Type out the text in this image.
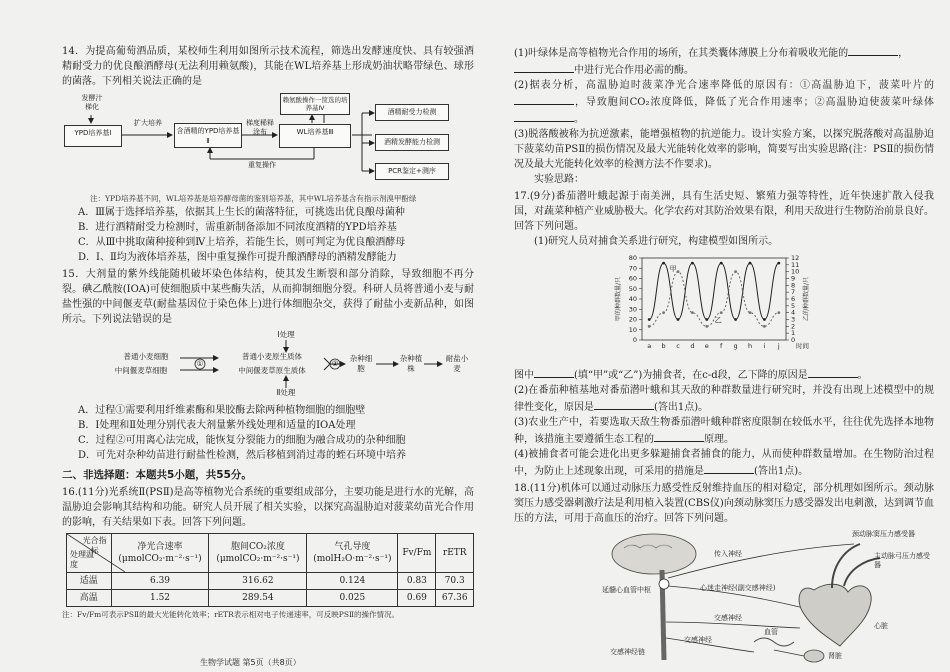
14．为提高葡萄酒品质，某校师生利用如图所示技术流程，筛选出发酵速度快、具有较强酒精耐受力的优良酿酒酵母(无法利用赖氨酸)，其能在WL培养基上形成奶油状略带绿色、球形的菌落。下列相关说法正确的是

发酵汁
梯化
YPD培养基Ⅰ
扩大培养
含酒精的YPD培养基Ⅱ
梯度稀释涂布	WL培养基Ⅲ
赖氨酸操作一筐选的培养基Ⅳ	酒精耐受力检测
酒精发酵能力检测
PCR鉴定+测序
重复操作

注：YPD培养基不同，WL培养基是培养酵母菌的鉴别培养基，其中WL培养基含有指示剂溴甲酚绿

A．Ⅲ属于选择培养基，依据其上生长的菌落特征，可挑选出优良酿母菌种

B．进行酒精耐受力检测时，需重新制备添加不同浓度酒精的YPD培养基

C．从Ⅲ中挑取菌种接种到Ⅳ上培养，若能生长，则可判定为优良酿酒酵母

D．Ⅰ、Ⅱ均为液体培养基，图中重复操作可提升酿酒酵母的酒精发酵能力

15．大剂量的紫外线能随机破坏染色体结构，使其发生断裂和部分消除，导致细胞不再分裂。碘乙酰胺(IOA)可使细胞质中某些酶失活，从而抑制细胞分裂。科研人员将普通小麦与耐盐性强的中间偃麦草(耐盐基因位于染色体上)进行体细胞杂交，获得了耐盐小麦新品种，如图所示。下列说法错误的是

Ⅰ处理
Ⅱ处理
普通小麦细胞
中间偃麦草细胞
①
普通小麦原生质体
中间偃麦草原生质体
②
杂种细胞
杂种植株
耐盐小麦

A．过程①需要利用纤维素酶和果胶酶去除两种植物细胞的细胞壁

B．Ⅰ处理和Ⅱ处理分别代表大剂量紫外线处理和适量的IOA处理

C．过程②可用离心法完成，能恢复分裂能力的细胞为融合成功的杂种细胞

D．可先对杂种幼苗进行耐盐性检测，然后移植到消过毒的蛭石环境中培养

二、非选择题：本题共5小题，共55分。

16.(11分)光系统Ⅱ(PSⅡ)是高等植物光合系统的重要组成部分，主要功能是进行水的光解，高温胁迫会影响其结构和功能。研究人员开展了相关实验，以探究高温胁迫对菠菜幼苗光合作用的影响，有关结果如下表。回答下列问题。

光合指标
处理温度	净光合速率(μmolCO₂·m⁻²·s⁻¹)	胞间CO₂浓度(μmolCO₂·m⁻²·s⁻¹)	气孔导度(molH₂O·m⁻²·s⁻¹)	Fv/Fm	rETR
适温	6.39	316.62	0.124	0.83	70.3
高温	1.52	289.54	0.025	0.69	67.36

注：Fv/Fm可表示PSⅡ的最大光能转化效率；rETR表示相对电子传递速率，可反映PSⅡ的操作情况。

生物学试题 第5页（共8页）

(1)叶绿体是高等植物光合作用的场所，在其类囊体薄膜上分布着吸收光能的	，
中进行光合作用必需的酶。

(2)据表分析，高温胁迫时菠菜净光合速率降低的原因有：①高温胁迫下，菠菜叶片的，导致胞间CO₂浓度降低，降低了光合作用速率；②高温胁迫使菠菜叶绿体。

(3)脱落酸被称为抗逆激素，能增强植物的抗逆能力。设计实验方案，以探究脱落酸对高温胁迫下菠菜幼苗PSⅡ的损伤情况及最大光能转化效率的影响，简要写出实验思路(注：PSⅡ的损伤情况及最大光能转化效率的检测方法不作要求)。

实验思路：

17.(9分)番茄潜叶蛾起源于南美洲，具有生活史短、繁殖力强等特性，近年快速扩散入侵我国，对蔬菜种植产业威胁极大。化学农药对其防治效果有限，利用天敌进行生物防治前景良好。回答下列问题。

(1)研究人员对捕食关系进行研究，构建模型如图所示。

0
10
20
30
40
50
60
70
80
0
1
2
3
4
5
6
7
8
9
10
11
12
a b c d e f g h i j	时间
甲的种群数量/只	乙的种群数量/只
甲
乙

图中	(填“甲”或“乙”)为捕食者，在c-d段，乙下降的原因是	。

(2)在番茄种植基地对番茄潜叶蛾和其天敌的种群数量进行研究时，并没有出现上述模型中的规律性变化，原因是	(答出1点)。

(3)农业生产中，若要选取天敌生物番茄潜叶蛾种群密度限制在较低水平，往往优先选择本地物种，该措施主要遵循生态工程的	原理。

(4)被捕食者可能会进化出更多躲避捕食者捕食的能力，从而使种群数量增加。在生物防治过程中，为防止上述现象出现，可采用的措施是	(答出1点)。

18.(11分)机体可以通过动脉压力感受性反射维持血压的相对稳定，部分机理如图所示。颈动脉窦压力感受器刺激疗法是利用植入装置(CBS仪)向颈动脉窦压力感受器发出电刺激，达到调节血压的方法，可用于高血压的治疗。回答下列问题。

传入神经
颈动脉窦压力感受器
主动脉弓压力感受器
心迷走神经(副交感神经)
延髓心血管中枢
交感神经
交感神经
交感神经链
血管
心脏
肾脏
